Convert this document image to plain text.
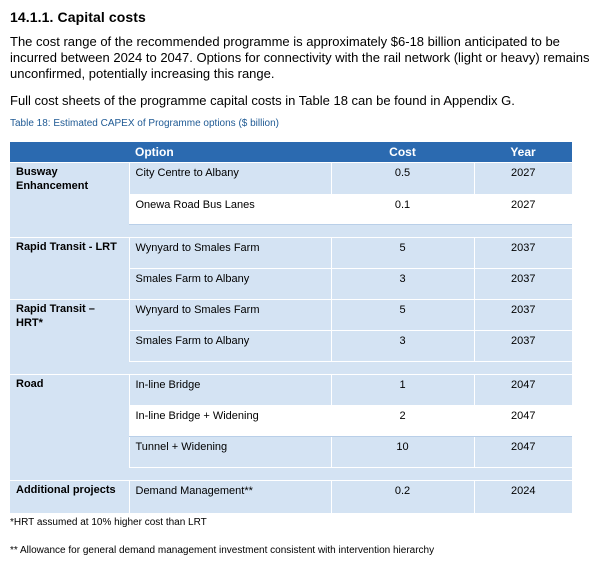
14.1.1. Capital costs

The cost range of the recommended programme is approximately $6-18 billion anticipated to be incurred between 2024 to 2047. Options for connectivity with the rail network (light or heavy) remains unconfirmed, potentially increasing this range.

Full cost sheets of the programme capital costs in Table 18 can be found in Appendix G.

Table 18: Estimated CAPEX of Programme options ($ billion)

	Option	Cost	Year
Busway Enhancement	City Centre to Albany	0.5	2027
	Onewa Road Bus Lanes	0.1	2027

Rapid Transit - LRT	Wynyard to Smales Farm	5	2037
	Smales Farm to Albany	3	2037
Rapid Transit – HRT*	Wynyard to Smales Farm	5	2037
	Smales Farm to Albany	3	2037

Road	In-line Bridge	1	2047
	In-line Bridge + Widening	2	2047
	Tunnel + Widening	10	2047

Additional projects	Demand Management**	0.2	2024

*HRT assumed at 10% higher cost than LRT

** Allowance for general demand management investment consistent with intervention hierarchy
